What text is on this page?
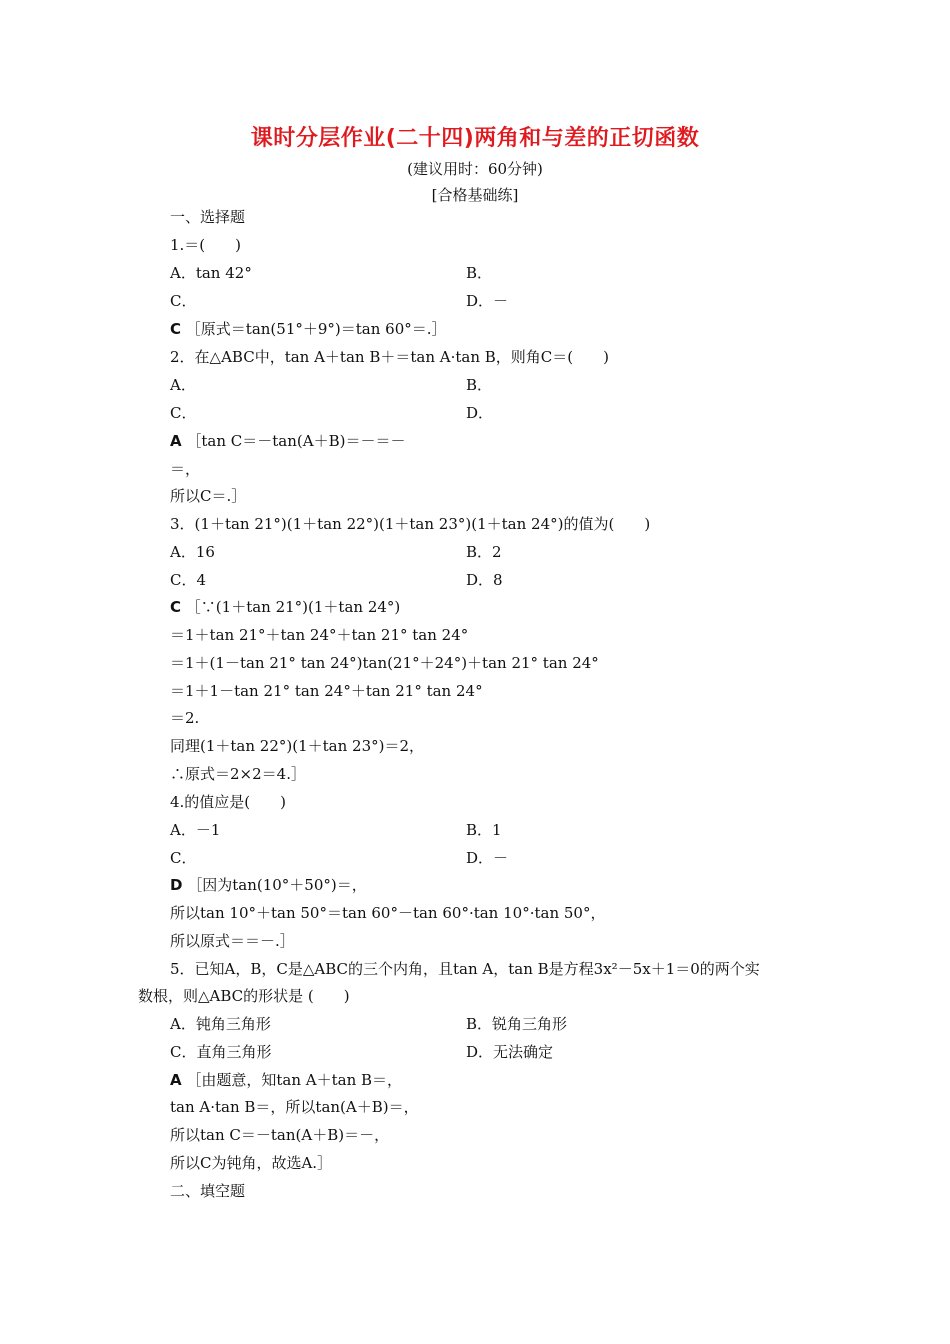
课时分层作业(二十四)两角和与差的正切函数
(建议用时：60分钟)
[合格基础练]
一、选择题
1.＝(　　)
A．tan 42°	B．
C．	D．－
C ［原式＝tan(51°＋9°)＝tan 60°＝.］
2．在△ABC中，tan A＋tan B＋＝tan A·tan B，则角C＝(　　)
A．	B．
C．	D．
A ［tan C＝－tan(A＋B)＝－＝－
＝，
所以C＝.］
3．(1＋tan 21°)(1＋tan 22°)(1＋tan 23°)(1＋tan 24°)的值为(　　)
A．16	B．2
C．4	D．8
C ［∵(1＋tan 21°)(1＋tan 24°)
＝1＋tan 21°＋tan 24°＋tan 21° tan 24°
＝1＋(1－tan 21° tan 24°)tan(21°＋24°)＋tan 21° tan 24°
＝1＋1－tan 21° tan 24°＋tan 21° tan 24°
＝2.
同理(1＋tan 22°)(1＋tan 23°)＝2，
∴原式＝2×2＝4.］
4.的值应是(　　)
A．－1	B．1
C．	D．－
D ［因为tan(10°＋50°)＝，
所以tan 10°＋tan 50°＝tan 60°－tan 60°·tan 10°·tan 50°，
所以原式＝＝－.］
5．已知A，B，C是△ABC的三个内角，且tan A，tan B是方程3x²－5x＋1＝0的两个实
数根，则△ABC的形状是 (　　)
A．钝角三角形	B．锐角三角形
C．直角三角形	D．无法确定
A ［由题意，知tan A＋tan B＝，
tan A·tan B＝，所以tan(A＋B)＝，
所以tan C＝－tan(A＋B)＝－，
所以C为钝角，故选A.］
二、填空题
